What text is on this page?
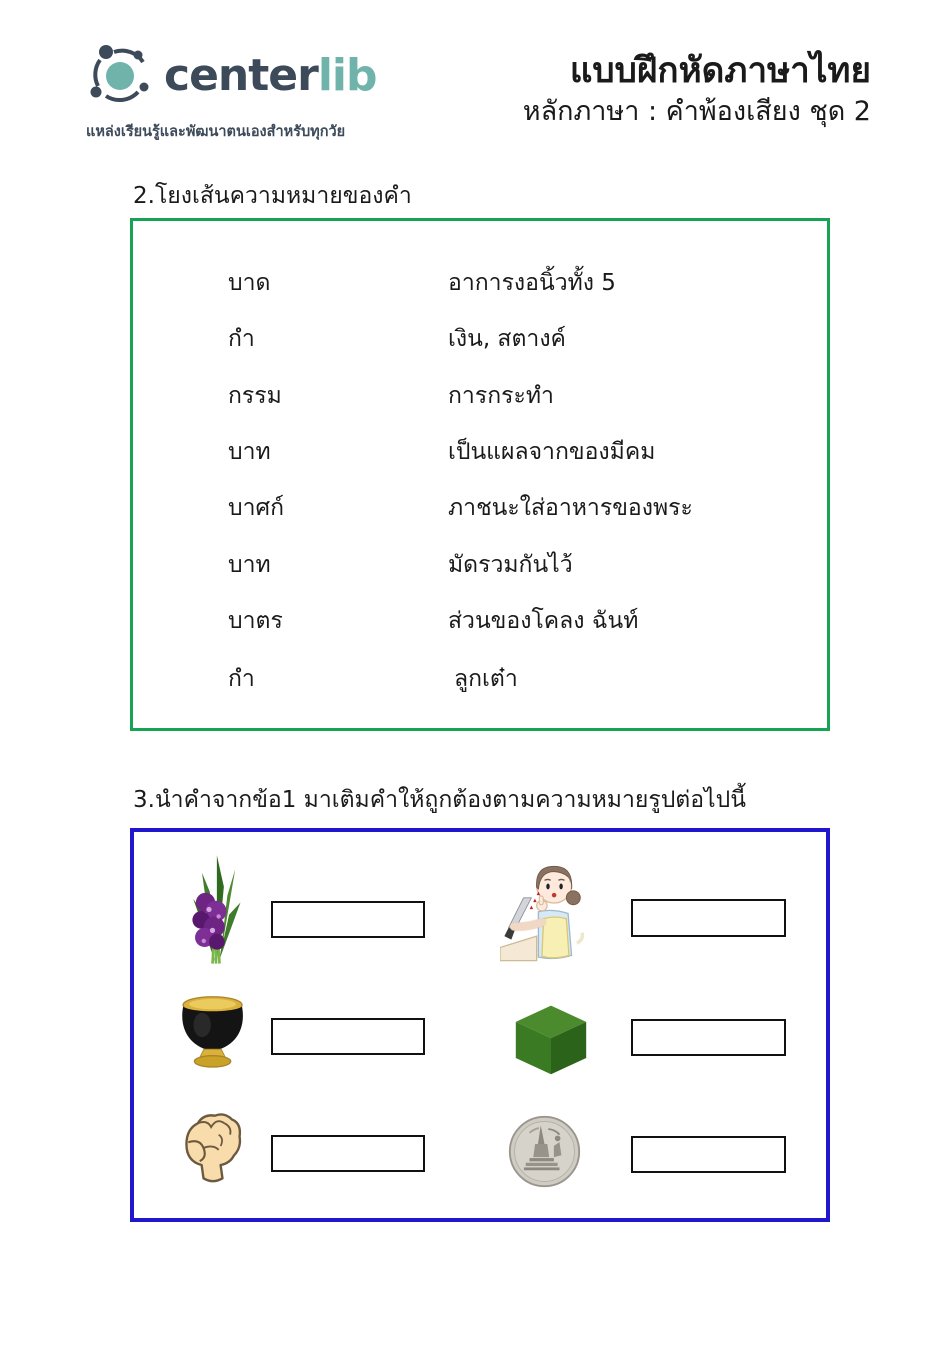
centerlib
แหล่งเรียนรู้และพัฒนาตนเองสำหรับทุกวัย
แบบฝึกหัดภาษาไทย
หลักภาษา : คำพ้องเสียง ชุด 2
2.โยงเส้นความหมายของคำ
บาด	อาการงอนิ้วทั้ง 5
กำ	เงิน, สตางค์
กรรม	การกระทำ
บาท	เป็นแผลจากของมีคม
บาศก์	ภาชนะใส่อาหารของพระ
บาท	มัดรวมกันไว้
บาตร	ส่วนของโคลง ฉันท์
กำ	ลูกเต๋า
3.นำคำจากข้อ1 มาเติมคำให้ถูกต้องตามความหมายรูปต่อไปนี้
